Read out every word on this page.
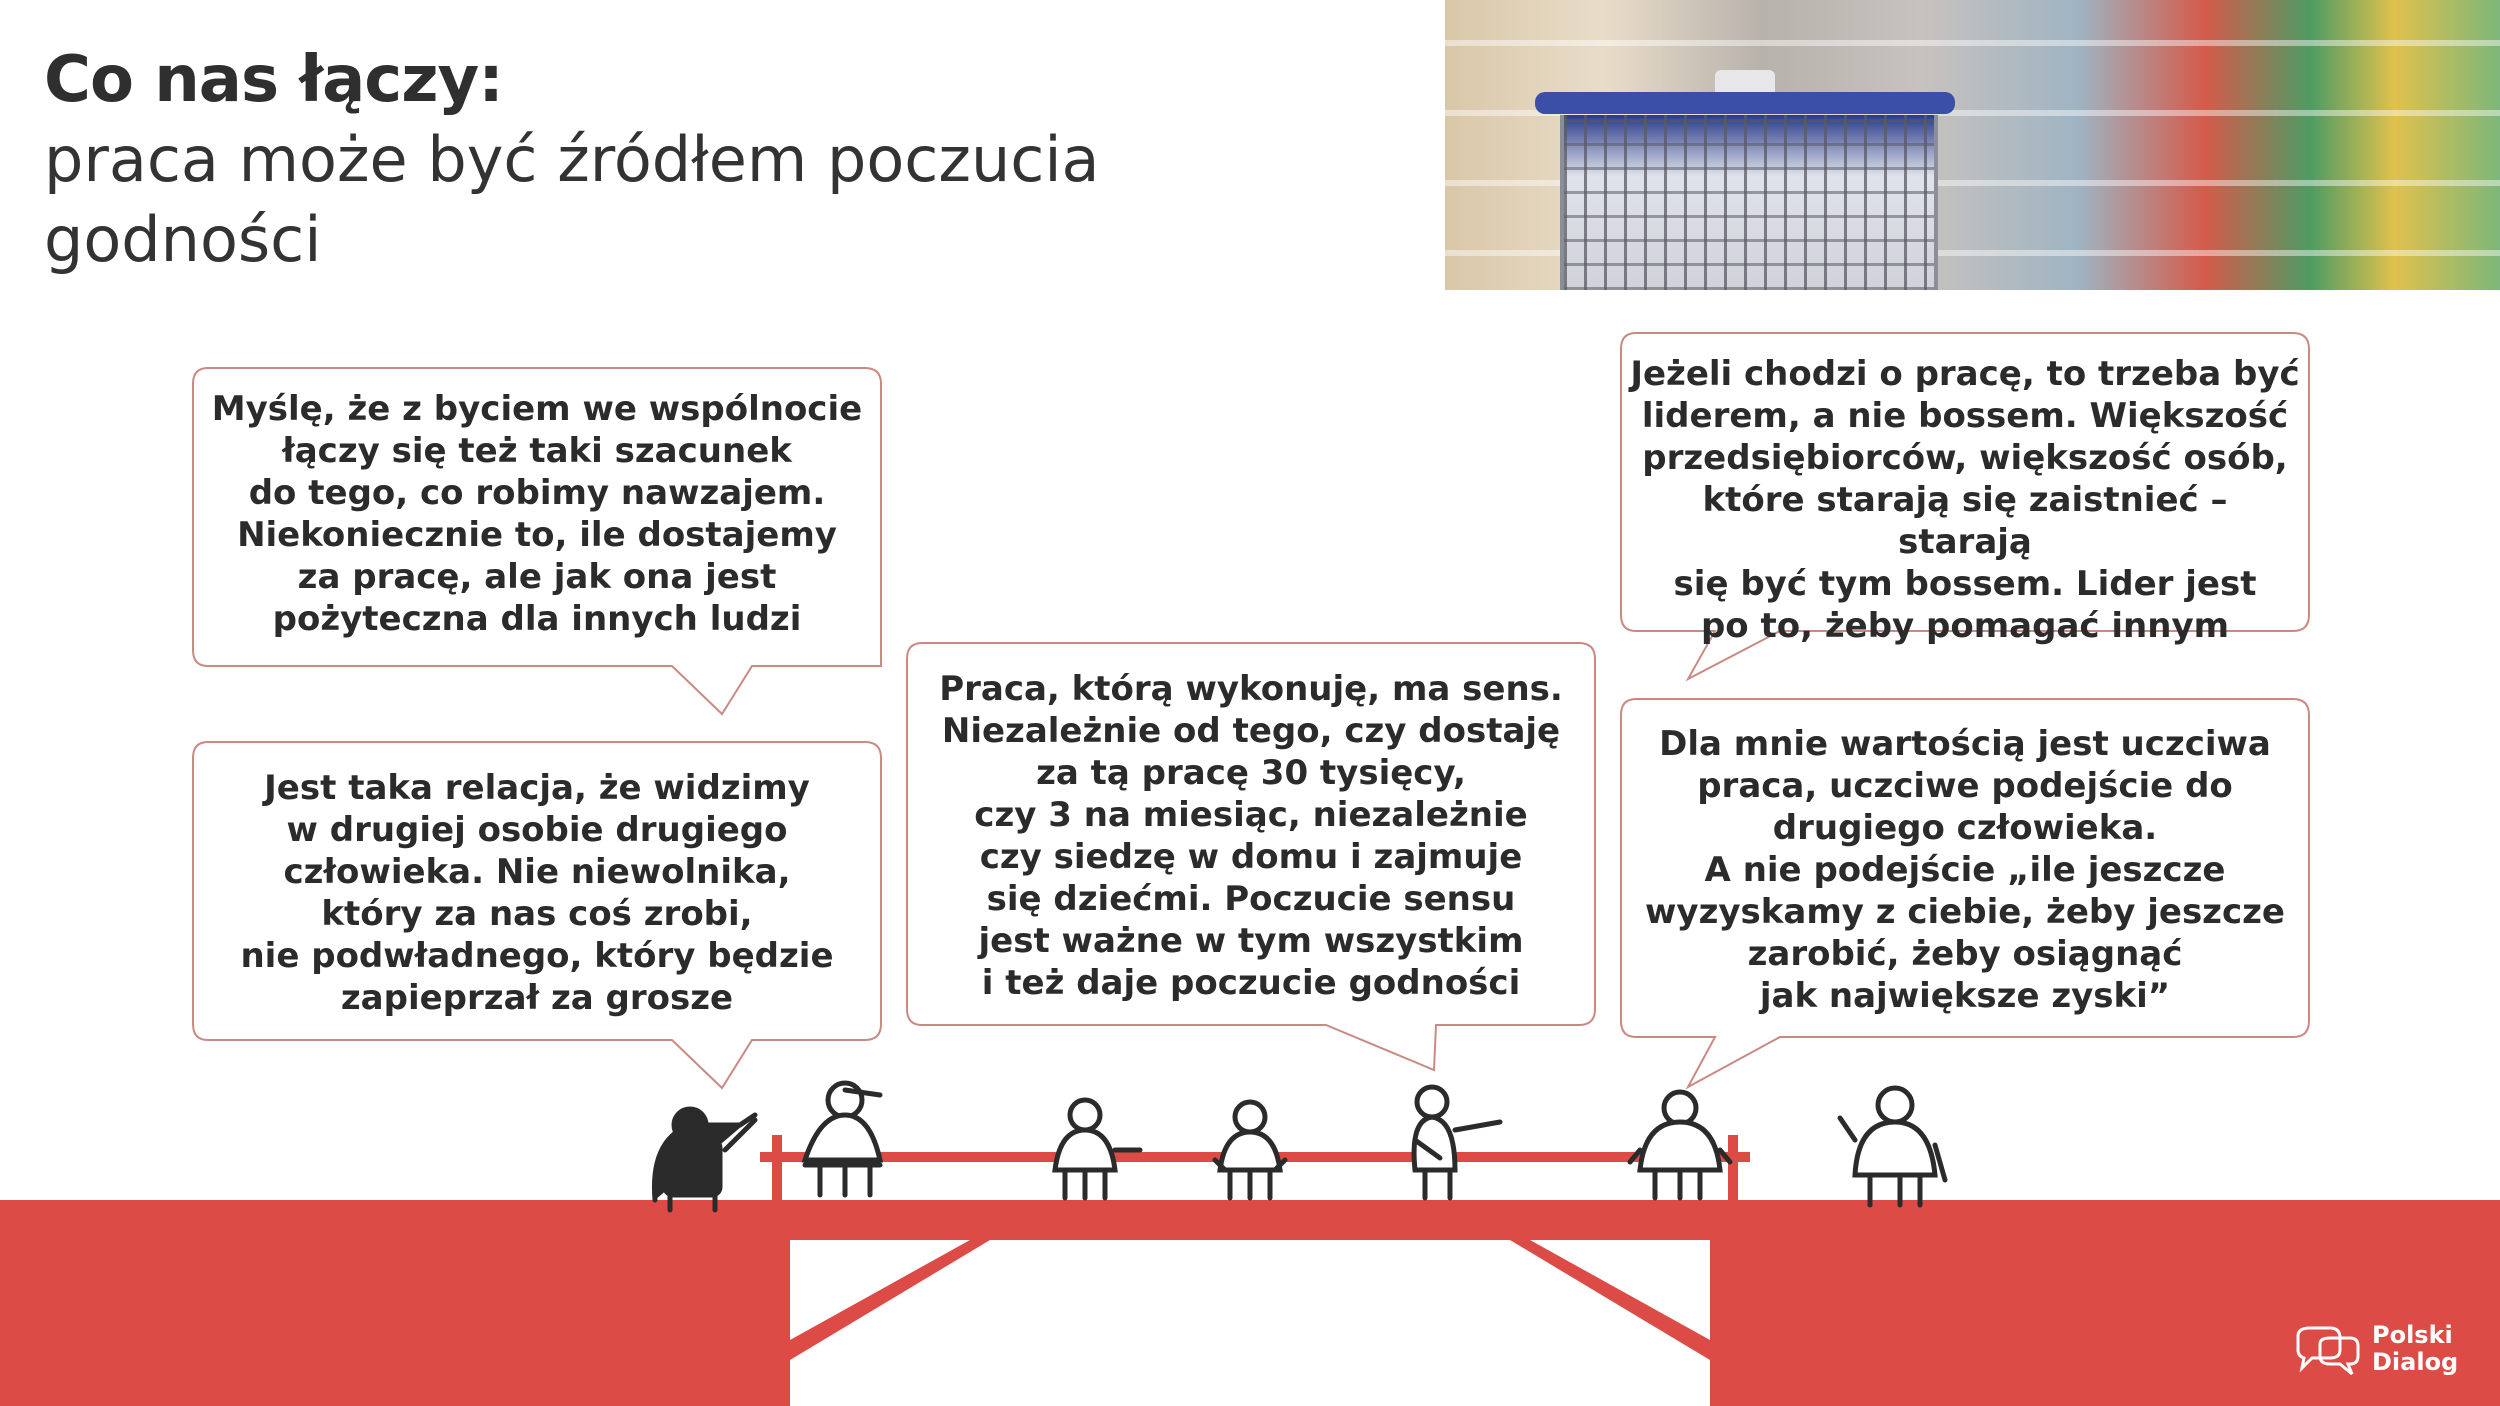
Co nas łączy:
praca może być źródłem poczucia
godności
Myślę, że z byciem we wspólnocie
łączy się też taki szacunek
do tego, co robimy nawzajem.
Niekoniecznie to, ile dostajemy
za pracę, ale jak ona jest
pożyteczna dla innych ludzi
Jest taka relacja, że widzimy
w drugiej osobie drugiego
człowieka. Nie niewolnika,
który za nas coś zrobi,
nie podwładnego, który będzie
zapieprzał za grosze
Praca, którą wykonuję, ma sens.
Niezależnie od tego, czy dostaję
za tą pracę 30 tysięcy,
czy 3 na miesiąc, niezależnie
czy siedzę w domu i zajmuje
się dziećmi. Poczucie sensu
jest ważne w tym wszystkim
i też daje poczucie godności
Jeżeli chodzi o pracę, to trzeba być
liderem, a nie bossem. Większość
przedsiębiorców, większość osób,
które starają się zaistnieć – starają
się być tym bossem. Lider jest
po to, żeby pomagać innym
Dla mnie wartością jest uczciwa
praca, uczciwe podejście do
drugiego człowieka.
A nie podejście „ile jeszcze
wyzyskamy z ciebie, żeby jeszcze
zarobić, żeby osiągnąć
jak największe zyski”
Polski
Dialog
